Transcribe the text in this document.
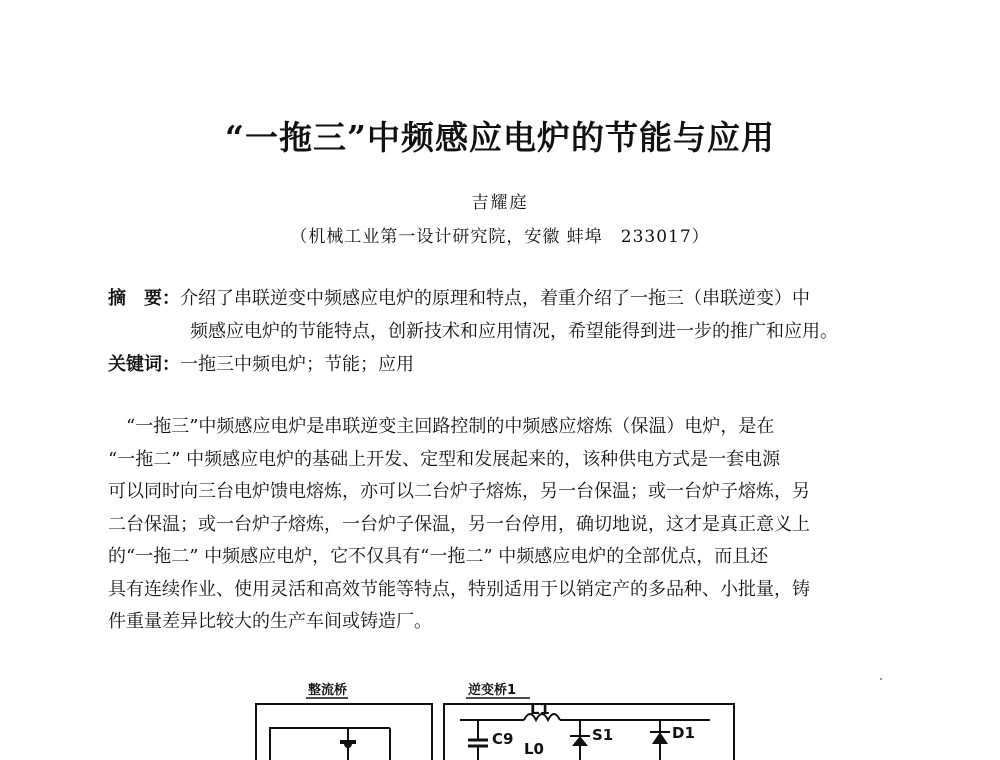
“一拖三”中频感应电炉的节能与应用
吉耀庭
（机械工业第一设计研究院，安徽 蚌埠　233017）
摘　要：介绍了串联逆变中频感应电炉的原理和特点，着重介绍了一拖三（串联逆变）中
频感应电炉的节能特点，创新技术和应用情况，希望能得到进一步的推广和应用。
关键词：一拖三中频电炉；节能；应用
　“一拖三”中频感应电炉是串联逆变主回路控制的中频感应熔炼（保温）电炉，是在
“一拖二” 中频感应电炉的基础上开发、定型和发展起来的，该种供电方式是一套电源
可以同时向三台电炉馈电熔炼，亦可以二台炉子熔炼，另一台保温；或一台炉子熔炼，另
二台保温；或一台炉子熔炼，一台炉子保温，另一台停用，确切地说，这才是真正意义上
的“一拖二” 中频感应电炉，它不仅具有“一拖二” 中频感应电炉的全部优点，而且还
具有连续作业、使用灵活和高效节能等特点，特别适用于以销定产的多品种、小批量，铸
件重量差异比较大的生产车间或铸造厂。
整流桥	逆变桥1
L1
C9
L0
S1	D1
